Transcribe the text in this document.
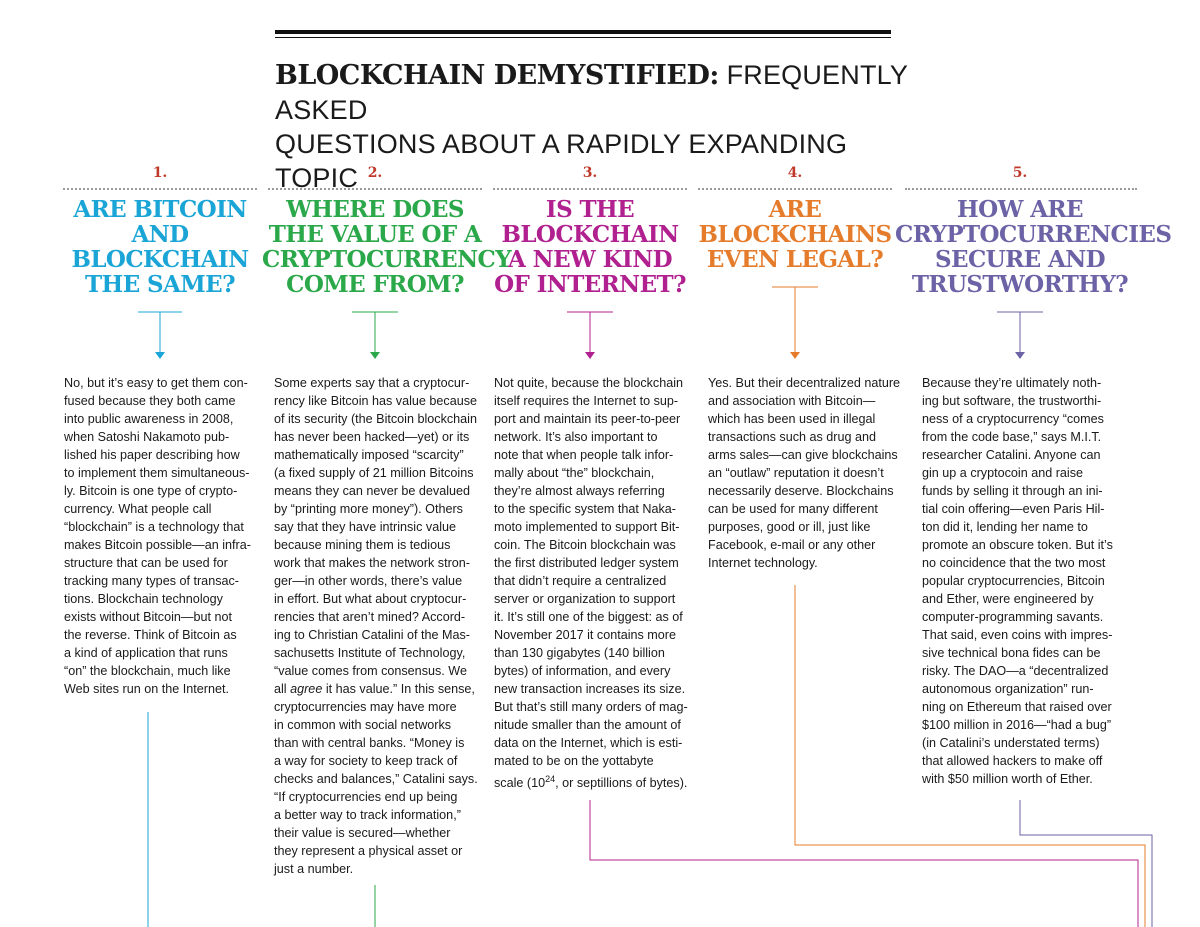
BLOCKCHAIN DEMYSTIFIED: FREQUENTLY ASKED
QUESTIONS ABOUT A RAPIDLY EXPANDING TOPIC
1.
ARE BITCOIN
AND
BLOCKCHAIN
THE SAME?
No, but it’s easy to get them con-
fused because they both came
into public awareness in 2008,
when Satoshi Nakamoto pub-
lished his paper describing how
to implement them simultaneous-
ly. Bitcoin is one type of crypto-
currency. What people call
“blockchain” is a technology that
makes Bitcoin possible—an infra-
structure that can be used for
tracking many types of transac-
tions. Blockchain technology
exists without Bitcoin—but not
the reverse. Think of Bitcoin as
a kind of application that runs
“on” the blockchain, much like
Web sites run on the Internet.
2.
WHERE DOES
THE VALUE OF A
CRYPTOCURRENCY
COME FROM?
Some experts say that a cryptocur-
rency like Bitcoin has value because
of its security (the Bitcoin blockchain
has never been hacked—yet) or its
mathematically imposed “scarcity”
(a fixed supply of 21 million Bitcoins
means they can never be devalued
by “printing more money”). Others
say that they have intrinsic value
because mining them is tedious
work that makes the network stron-
ger—in other words, there’s value
in effort. But what about cryptocur-
rencies that aren’t mined? Accord-
ing to Christian Catalini of the Mas-
sachusetts Institute of Technology,
“value comes from consensus. We
all agree it has value.” In this sense,
cryptocurrencies may have more
in common with social networks
than with central banks. “Money is
a way for society to keep track of
checks and balances,” Catalini says.
“If cryptocurrencies end up being
a better way to track information,”
their value is secured—whether
they represent a physical asset or
just a number.
3.
IS THE
BLOCKCHAIN
A NEW KIND
OF INTERNET?
Not quite, because the blockchain
itself requires the Internet to sup-
port and maintain its peer-to-peer
network. It’s also important to
note that when people talk infor-
mally about “the” blockchain,
they’re almost always referring
to the specific system that Naka-
moto implemented to support Bit-
coin. The Bitcoin blockchain was
the first distributed ledger system
that didn’t require a centralized
server or organization to support
it. It’s still one of the biggest: as of
November 2017 it contains more
than 130 gigabytes (140 billion
bytes) of information, and every
new transaction increases its size.
But that’s still many orders of mag-
nitude smaller than the amount of
data on the Internet, which is esti-
mated to be on the yottabyte
scale ($10^{24}$, or septillions of bytes).
4.
ARE
BLOCKCHAINS
EVEN LEGAL?
Yes. But their decentralized nature
and association with Bitcoin—
which has been used in illegal
transactions such as drug and
arms sales—can give blockchains
an “outlaw” reputation it doesn’t
necessarily deserve. Blockchains
can be used for many different
purposes, good or ill, just like
Facebook, e-mail or any other
Internet technology.
5.
HOW ARE
CRYPTOCURRENCIES
SECURE AND
TRUSTWORTHY?
Because they’re ultimately noth-
ing but software, the trustworthi-
ness of a cryptocurrency “comes
from the code base,” says M.I.T.
researcher Catalini. Anyone can
gin up a cryptocoin and raise
funds by selling it through an ini-
tial coin offering—even Paris Hil-
ton did it, lending her name to
promote an obscure token. But it’s
no coincidence that the two most
popular cryptocurrencies, Bitcoin
and Ether, were engineered by
computer-programming savants.
That said, even coins with impres-
sive technical bona fides can be
risky. The DAO—a “decentralized
autonomous organization” run-
ning on Ethereum that raised over
$100 million in 2016—“had a bug”
(in Catalini’s understated terms)
that allowed hackers to make off
with $50 million worth of Ether.
